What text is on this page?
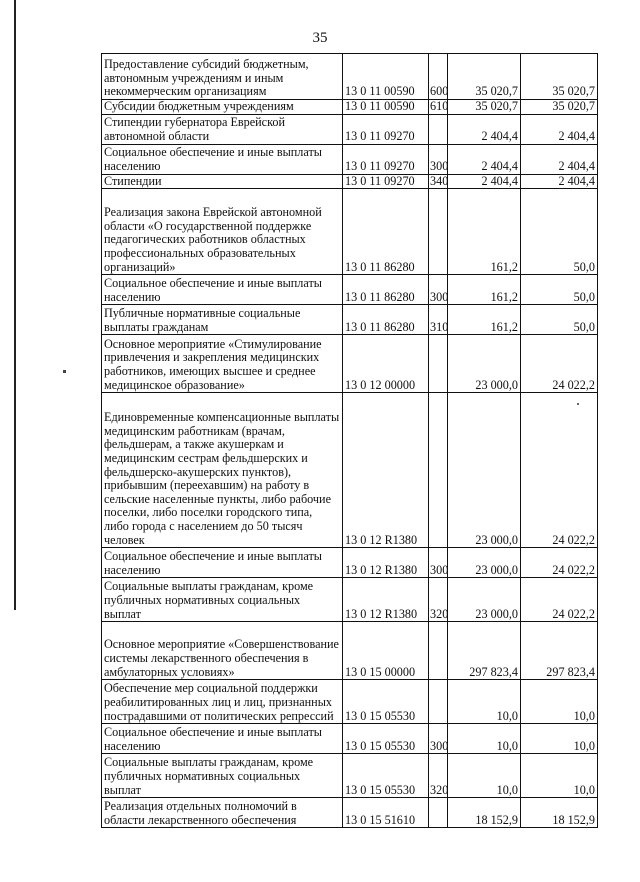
35
Предоставление субсидий бюджетным, автономным учреждениям и иным некоммерческим организациям	13 0 11 00590	600	35 020,7	35 020,7
Субсидии бюджетным учреждениям	13 0 11 00590	610	35 020,7	35 020,7
Стипендии губернатора Еврейской автономной области	13 0 11 09270		2 404,4	2 404,4
Социальное обеспечение и иные выплаты населению	13 0 11 09270	300	2 404,4	2 404,4
Стипендии	13 0 11 09270	340	2 404,4	2 404,4
Реализация закона Еврейской автономной области «О государственной поддержке педагогических работников областных профессиональных образовательных организаций»	13 0 11 86280		161,2	50,0
Социальное обеспечение и иные выплаты населению	13 0 11 86280	300	161,2	50,0
Публичные нормативные социальные выплаты гражданам	13 0 11 86280	310	161,2	50,0
Основное мероприятие «Стимулирование привлечения и закрепления медицинских работников, имеющих высшее и среднее медицинское образование»	13 0 12 00000		23 000,0	24 022,2
Единовременные компенсационные выплаты медицинским работникам (врачам, фельдшерам, а также акушеркам и медицинским сестрам фельдшерских и фельдшерско-акушерских пунктов), прибывшим (переехавшим) на работу в сельские населенные пункты, либо рабочие поселки, либо поселки городского типа, либо города с населением до 50 тысяч человек	13 0 12 R1380		23 000,0	24 022,2
Социальное обеспечение и иные выплаты населению	13 0 12 R1380	300	23 000,0	24 022,2
Социальные выплаты гражданам, кроме публичных нормативных социальных выплат	13 0 12 R1380	320	23 000,0	24 022,2
Основное мероприятие «Совершенствование системы лекарственного обеспечения в амбулаторных условиях»	13 0 15 00000		297 823,4	297 823,4
Обеспечение мер социальной поддержки реабилитированных лиц и лиц, признанных пострадавшими от политических репрессий	13 0 15 05530		10,0	10,0
Социальное обеспечение и иные выплаты населению	13 0 15 05530	300	10,0	10,0
Социальные выплаты гражданам, кроме публичных нормативных социальных выплат	13 0 15 05530	320	10,0	10,0
Реализация отдельных полномочий в области лекарственного обеспечения	13 0 15 51610		18 152,9	18 152,9
